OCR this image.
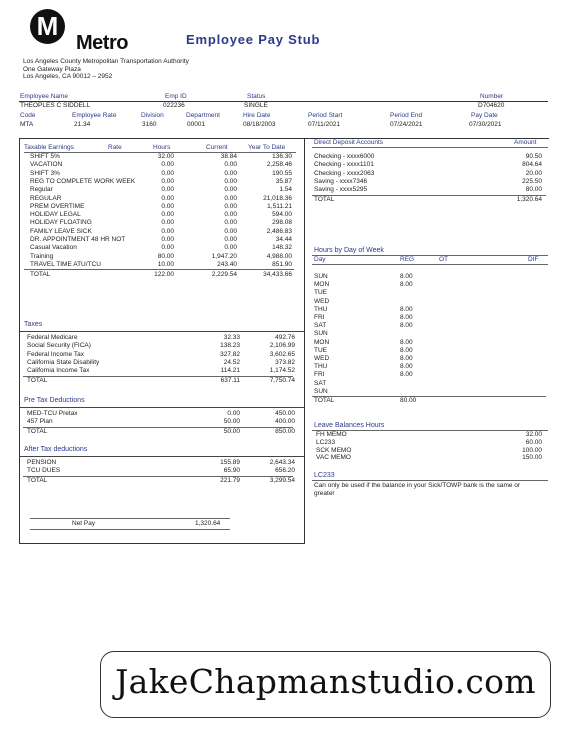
M
Metro	Employee Pay Stub
Los Angeles County Metropolitan Transportation Authority
One Gateway Plaza
Los Angeles, CA 90012 – 2952
Employee Name	Emp ID	Status	Number
THEOPLES C SIDDELL	022236	SINGLE	D704620
Code	Employee Rate	Division	Department	Hire Date	Period Start	Period End	Pay Date
MTA	21.34	3160	00001	08/18/2003	07/11/2021	07/24/2021	07/30/2021
Taxable Earnings	Rate	Hours	Current	Year To Date
SHIFT 5%	32.00	38.84	136.30
VACATION	0.00	0.00	2,258.46
SHIFT 3%	0.00	0.00	190.55
REG TO COMPLETE WORK WEEK	0.00	0.00	35.87
Regular	0.00	0.00	1.54
REGULAR	0.00	0.00	21,018.36
PREM OVERTIME	0.00	0.00	1,511.21
HOLIDAY LEGAL	0.00	0.00	594.00
HOLIDAY FLOATING	0.00	0.00	298.08
FAMILY LEAVE SICK	0.00	0.00	2,486.83
DR. APPOINTMENT 48 HR NOT	0.00	0.00	34.44
Casual Vacation	0.00	0.00	148.32
Training	80.00	1,947.20	4,988.00
TRAVEL TIME ATU/TCU	10.00	243.40	851.90
TOTAL	122.00	2,229.54	34,433.66
Taxes
Federal Medicare	32.33	492.76
Social Security (FICA)	138.23	2,106.99
Federal Income Tax	327.82	3,602.65
California State Disability	24.52	373.82
California Income Tax	114.21	1,174.52
TOTAL	637.11	7,750.74
Pre Tax Deductions
MED-TCU Pretax	0.00	450.00
457 Plan	50.00	400.00
TOTAL	50.00	850.00
After Tax deductions
PENSION	155.89	2,643.34
TCU DUES	65.90	656.20
TOTAL	221.79	3,299.54
Net Pay	1,320.64
Direct Deposit Accounts	Amount
Checking - xxxx6000	90.50
Checking - xxxx1101	804.64
Checking - xxxx2063	20.00
Saving - xxxx7346	225.50
Saving - xxxx5295	80.00
TOTAL	1,320.64
Hours by Day of Week
Day	REG	OT	DIF
SUN	8.00
MON	8.00
TUE
WED
THU	8.00
FRI	8.00
SAT	8.00
SUN
MON	8.00
TUE	8.00
WED	8.00
THU	8.00
FRI	8.00
SAT
SUN
TOTAL	80.00
Leave Balances Hours
FH MEMO	32.00
LC233	60.00
SCK MEMO	100.00
VAC MEMO	150.00
LC233
Can only be used if the balance in your Sick/TOWP bank is the same or greater
JakeChapmanstudio.com
